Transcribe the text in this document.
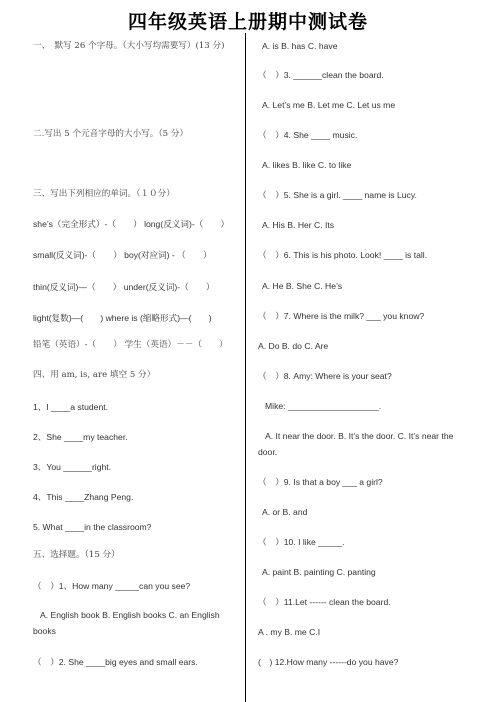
四年级英语上册期中测试卷
一、　默写 26 个字母。（大小写均需要写）(13 分)
二.写出 5 个元音字母的大小写。（5 分）
三、写出下列相应的单词。（１０分）
she’s（完全形式）-（　　） long(反义词)-（　　）
small(反义词)-（　　） boy(对应词) - （　　）
thin(反义词)—（　　） under(反义词)-（　　）
light(复数)—(　　) where is (缩略形式)—(　　)
铅笔（英语）-（　　） 学生（英语）－－（　　）
四、用 am, is, are 填空 5 分）
1、I ____a student.
2、She ____my teacher.
3、You ______right.
4、This ____Zhang Peng.
5. What ____in the classroom?
五、选择题。（15 分）
（　）1、How many _____can you see?
A. English book B. English books C. an English books
（　）2. She ____big eyes and small ears.
A. is B. has C. have
（　）3. ______clean the board.
A. Let’s me B. Let me C. Let us me
（　）4. She ____ music.
A. likes B. like C. to like
（　）5. She is a girl. ____ name is Lucy.
A. His B. Her C. Its
（　）6. This is his photo. Look! ____ is tall.
A. He B. She C. He’s
（　）7. Where is the milk? ___ you know?
A. Do B. do C. Are
（　）8. Amy: Where is your seat?
Mike: ___________________.
A. It near the door. B. It’s the door. C. It’s near the door.
（　）9. Is that a boy ___ a girl?
A. or B. and
（　）10. I like _____.
A. paint B. painting C. panting
（　）11.Let ------ clean the board.
A . my B. me C.I
(　) 12.How many ------do you have?
